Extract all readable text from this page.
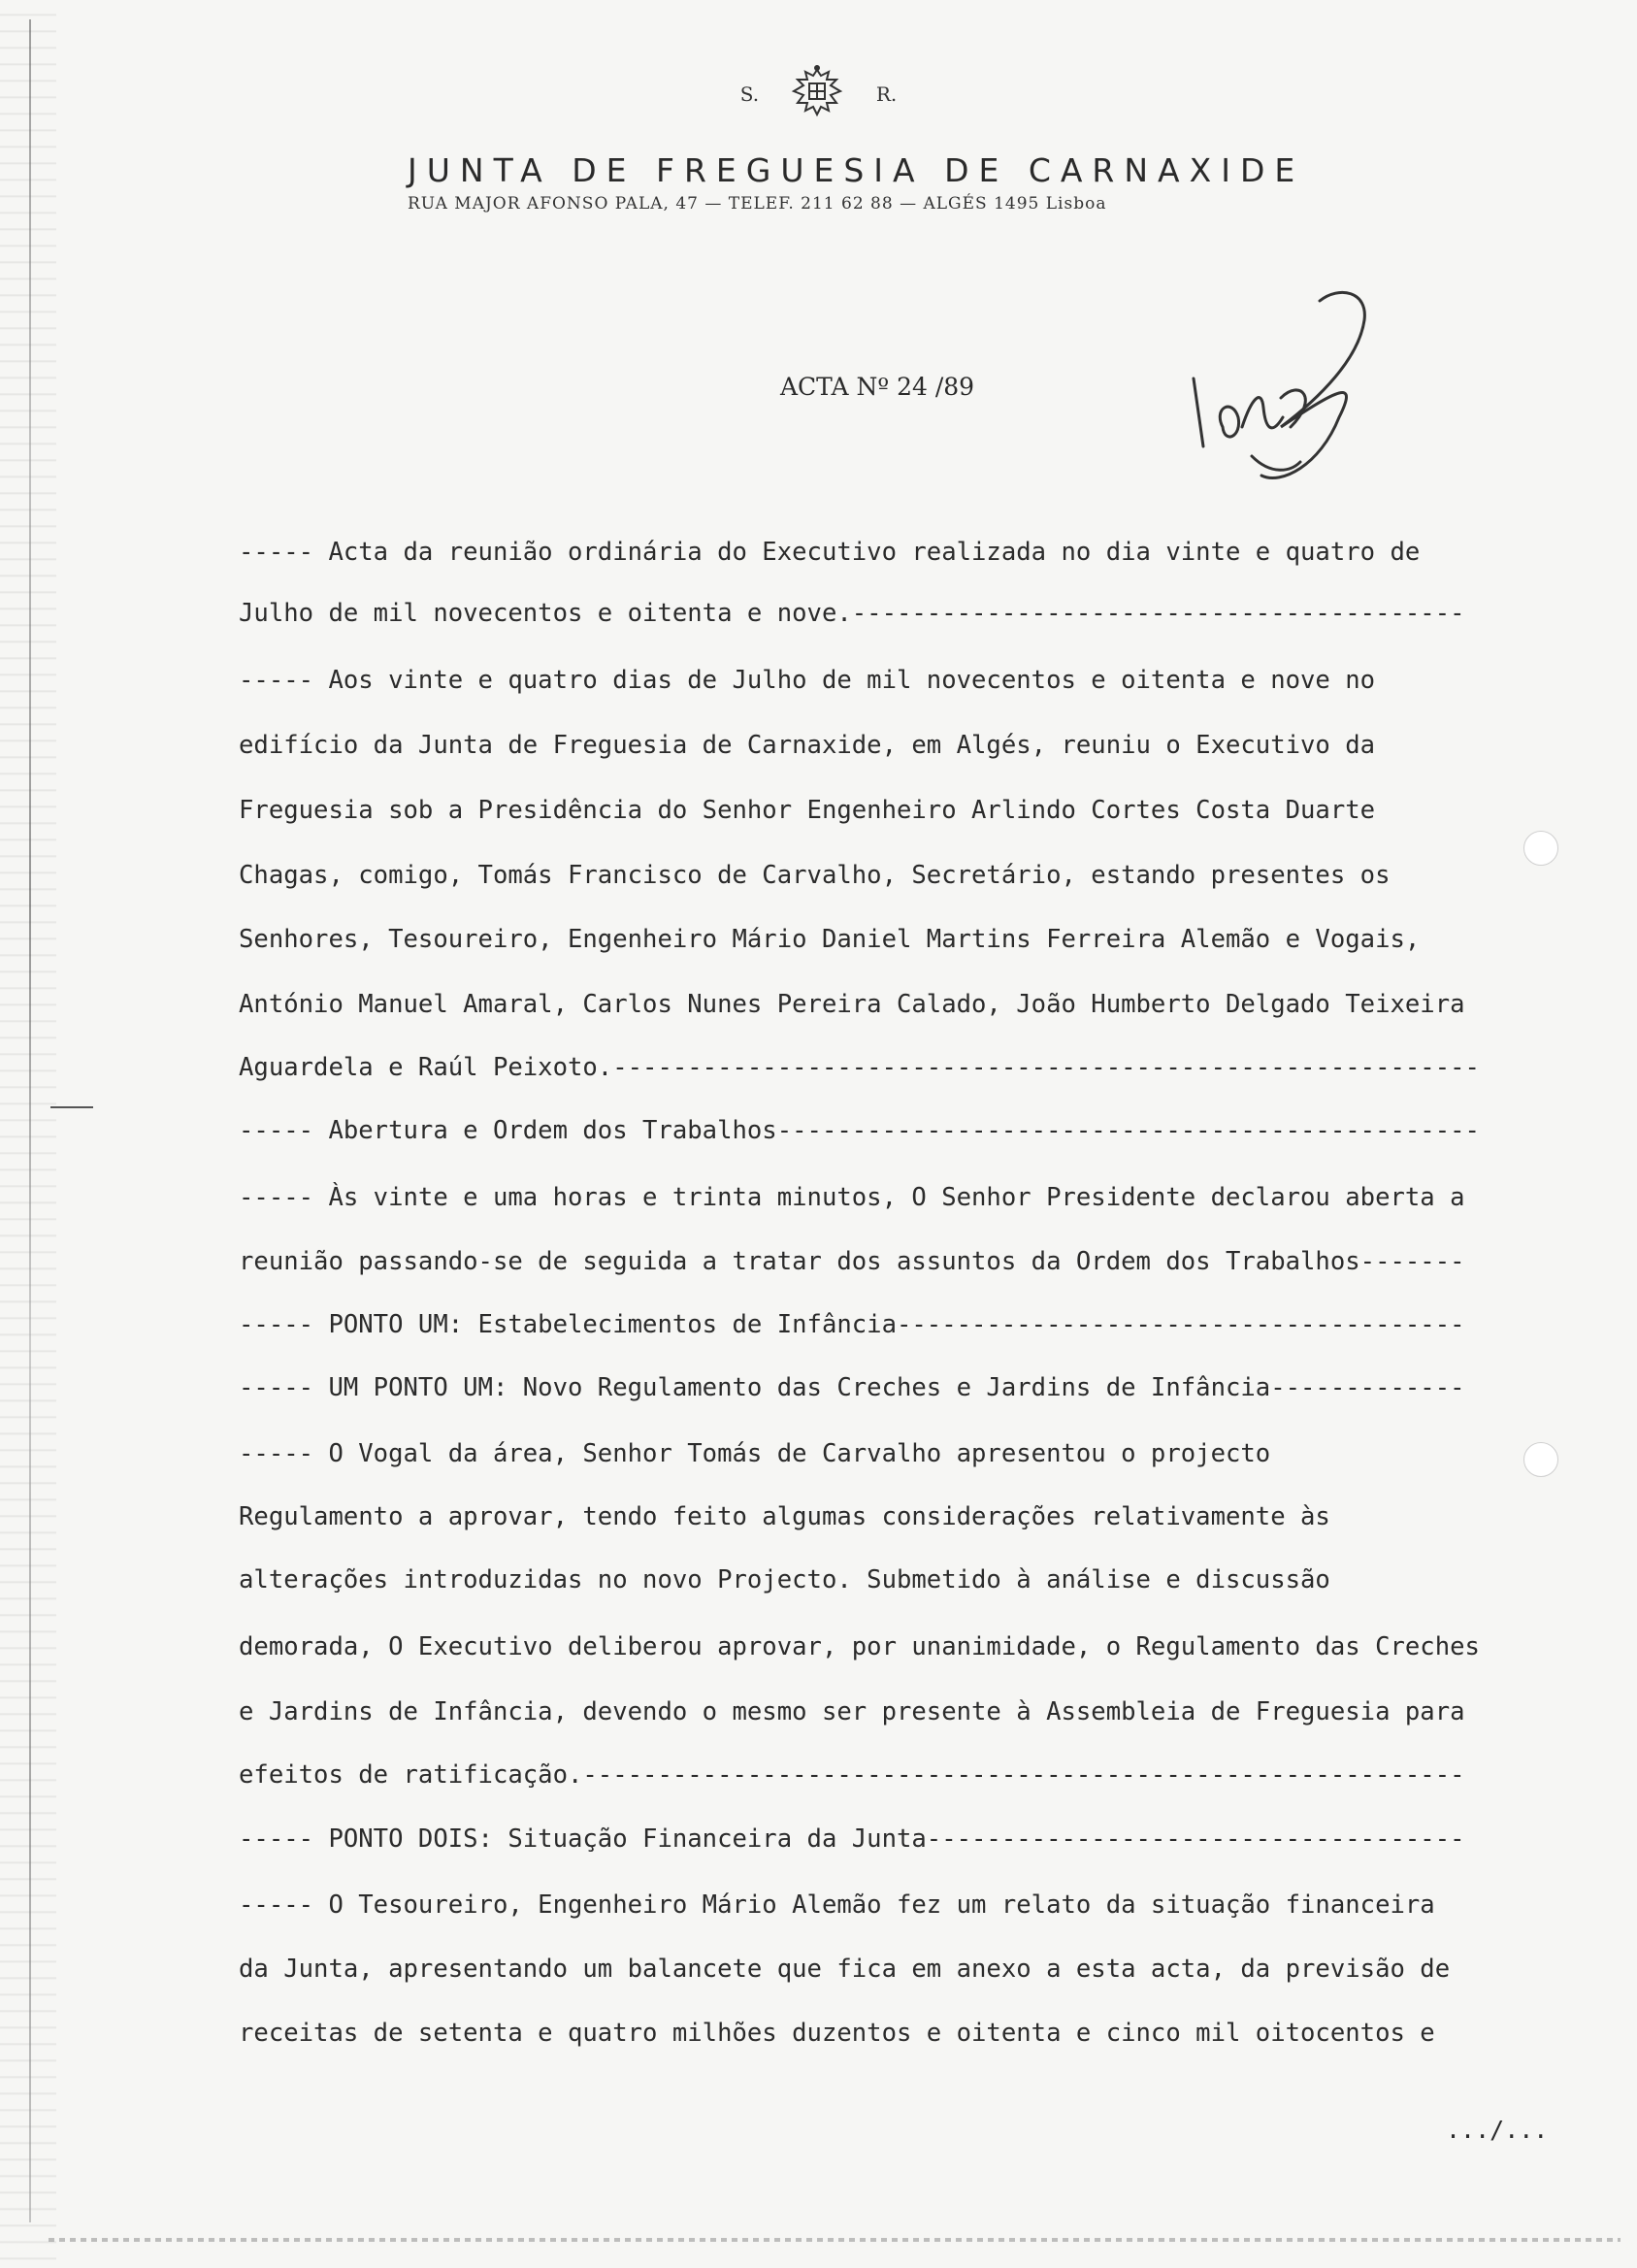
S.	R.
JUNTA DE FREGUESIA DE CARNAXIDE
RUA MAJOR AFONSO PALA, 47 — TELEF. 211 62 88 — ALGÉS 1495 Lisboa
ACTA Nº 24 /89
----- Acta da reunião ordinária do Executivo realizada no dia vinte e quatro de
Julho de mil novecentos e oitenta e nove.-----------------------------------------
----- Aos vinte e quatro dias de Julho de mil novecentos e oitenta e nove no
edifício da Junta de Freguesia de Carnaxide, em Algés, reuniu o Executivo da
Freguesia sob a Presidência do Senhor Engenheiro Arlindo Cortes Costa Duarte
Chagas, comigo, Tomás Francisco de Carvalho, Secretário, estando presentes os
Senhores, Tesoureiro, Engenheiro Mário Daniel Martins Ferreira Alemão e Vogais,
António Manuel Amaral, Carlos Nunes Pereira Calado, João Humberto Delgado Teixeira
Aguardela e Raúl Peixoto.----------------------------------------------------------
----- Abertura e Ordem dos Trabalhos-----------------------------------------------
----- Às vinte e uma horas e trinta minutos, O Senhor Presidente declarou aberta a
reunião passando-se de seguida a tratar dos assuntos da Ordem dos Trabalhos-------
----- PONTO UM: Estabelecimentos de Infância--------------------------------------
----- UM PONTO UM: Novo Regulamento das Creches e Jardins de Infância-------------
----- O Vogal da área, Senhor Tomás de Carvalho apresentou o projecto
Regulamento a aprovar, tendo feito algumas considerações relativamente às
alterações introduzidas no novo Projecto. Submetido à análise e discussão
demorada, O Executivo deliberou aprovar, por unanimidade, o Regulamento das Creches
e Jardins de Infância, devendo o mesmo ser presente à Assembleia de Freguesia para
efeitos de ratificação.-----------------------------------------------------------
----- PONTO DOIS: Situação Financeira da Junta------------------------------------
----- O Tesoureiro, Engenheiro Mário Alemão fez um relato da situação financeira
da Junta, apresentando um balancete que fica em anexo a esta acta, da previsão de
receitas de setenta e quatro milhões duzentos e oitenta e cinco mil oitocentos e
.../...
